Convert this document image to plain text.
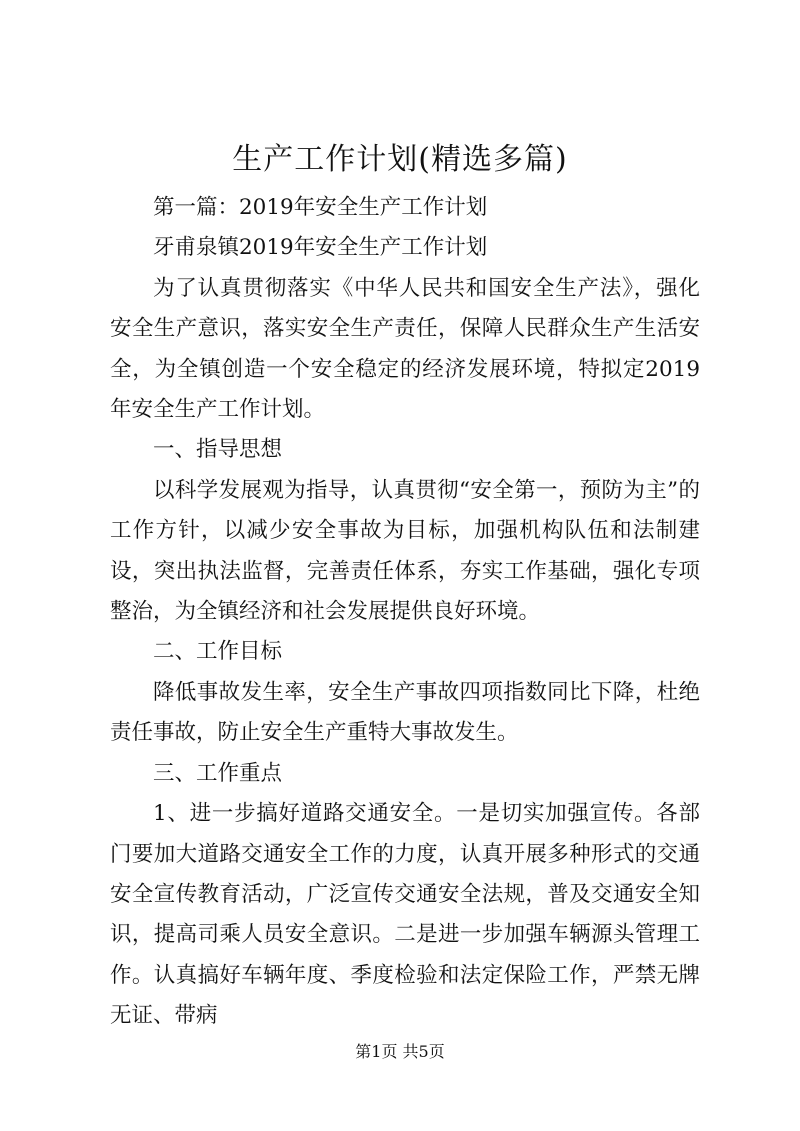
生产工作计划(精选多篇)

第一篇：2019年安全生产工作计划

牙甫泉镇2019年安全生产工作计划

为了认真贯彻落实《中华人民共和国安全生产法》，强化安全生产意识，落实安全生产责任，保障人民群众生产生活安全，为全镇创造一个安全稳定的经济发展环境，特拟定2019年安全生产工作计划。

一、指导思想

以科学发展观为指导，认真贯彻“安全第一，预防为主”的工作方针，以减少安全事故为目标，加强机构队伍和法制建设，突出执法监督，完善责任体系，夯实工作基础，强化专项整治，为全镇经济和社会发展提供良好环境。

二、工作目标

降低事故发生率，安全生产事故四项指数同比下降，杜绝责任事故，防止安全生产重特大事故发生。

三、工作重点

1、进一步搞好道路交通安全。一是切实加强宣传。各部门要加大道路交通安全工作的力度，认真开展多种形式的交通安全宣传教育活动，广泛宣传交通安全法规，普及交通安全知识，提高司乘人员安全意识。二是进一步加强车辆源头管理工作。认真搞好车辆年度、季度检验和法定保险工作，严禁无牌无证、带病

第1页 共5页
